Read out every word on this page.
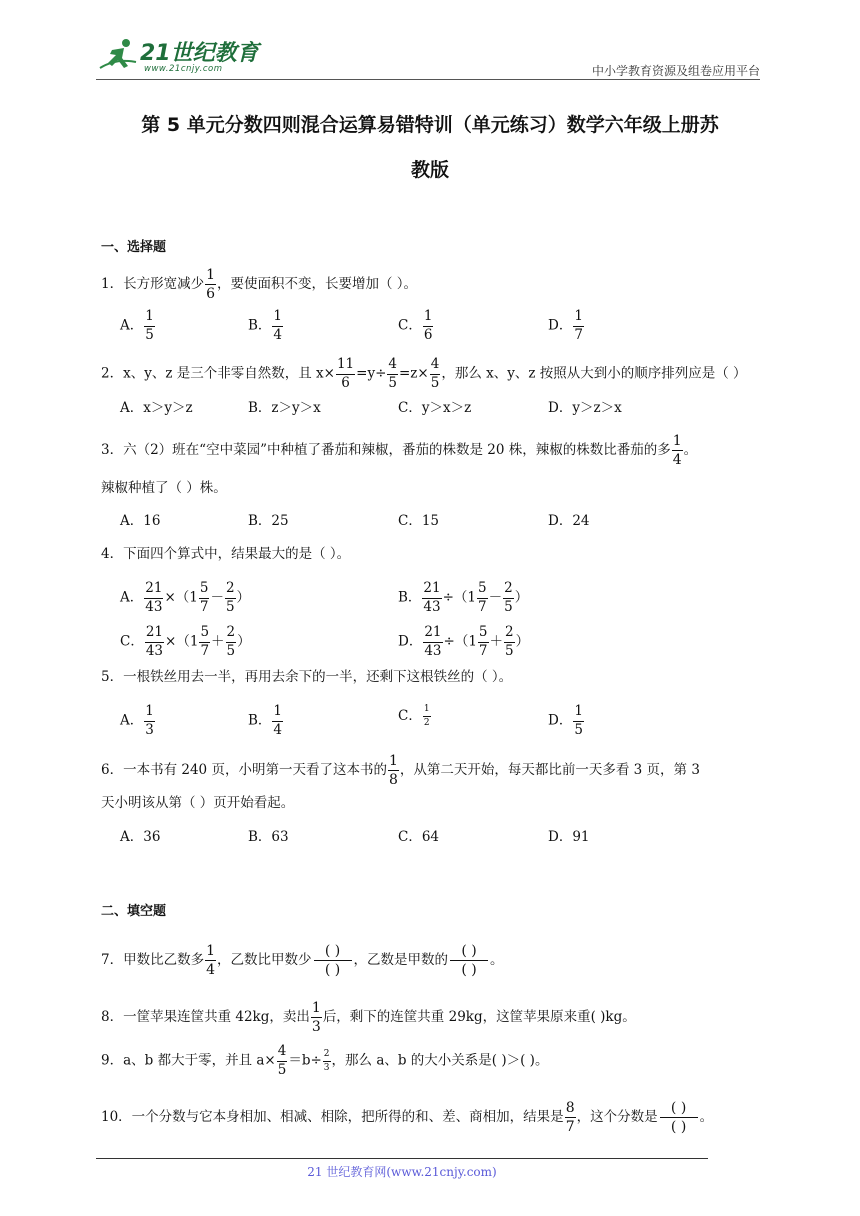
21世纪教育
www.21cnjy.com	中小学教育资源及组卷应用平台
第 5 单元分数四则混合运算易错特训（单元练习）数学六年级上册苏
教版
一、选择题
1．长方形宽减少 $\frac{1}{6}$ ，要使面积不变，长要增加（ ）。
A． $\frac{1}{5}$	B． $\frac{1}{4}$	C． $\frac{1}{6}$	D． $\frac{1}{7}$
2．x、y、z 是三个非零自然数，且 $x\times \frac{11}{6} =y\div \frac{4}{5} =z\times \frac{4}{5}$ ，那么 x、y、z 按照从大到小的顺序排列应是（ ）
A．x＞y＞z	B．z＞y＞x	C．y＞x＞z	D．y＞z＞x
3．六（2）班在“空中菜园”中种植了番茄和辣椒，番茄的株数是 20 株，辣椒的株数比番茄的多 $\frac{1}{4}$ 。
辣椒种植了（ ）株。
A．16	B．25	C．15	D．24
4．下面四个算式中，结果最大的是（ ）。
A． $\frac{21}{43} \times(1 \frac{5}{7} - \frac{2}{5}$ ）	B． $\frac{21}{43} \div(1 \frac{5}{7} - \frac{2}{5}$ ）
C． $\frac{21}{43} \times(1 \frac{5}{7} + \frac{2}{5}$ ）	D． $\frac{21}{43} \div(1 \frac{5}{7} + \frac{2}{5}$ ）
5．一根铁丝用去一半，再用去余下的一半，还剩下这根铁丝的（ ）。
A． $\frac{1}{3}$	B． $\frac{1}{4}$	C． $\frac{1}{2}$	D． $\frac{1}{5}$
6．一本书有 240 页，小明第一天看了这本书的 $\frac{1}{8}$ ，从第二天开始，每天都比前一天多看 3 页，第 3
天小明该从第（ ）页开始看起。
A．36	B．63	C．64	D．91
二、填空题
7．甲数比乙数多 $\frac{1}{4}$ ，乙数比甲数少
( )
( )
，乙数是甲数的
( )
( )
。
8．一筐苹果连筐共重 42kg，卖出 $\frac{1}{3}$ 后，剩下的连筐共重 29kg，这筐苹果原来重( )kg。
9．a、b 都大于零，并且 $a\times \frac{4}{5} =b\div \frac{2}{3}$ ，那么 a、b 的大小关系是( )＞( )。
10．一个分数与它本身相加、相减、相除，把所得的和、差、商相加，结果是 $\frac{8}{7}$ ，这个分数是
( )
( )
。
21 世纪教育网(www.21cnjy.com)
